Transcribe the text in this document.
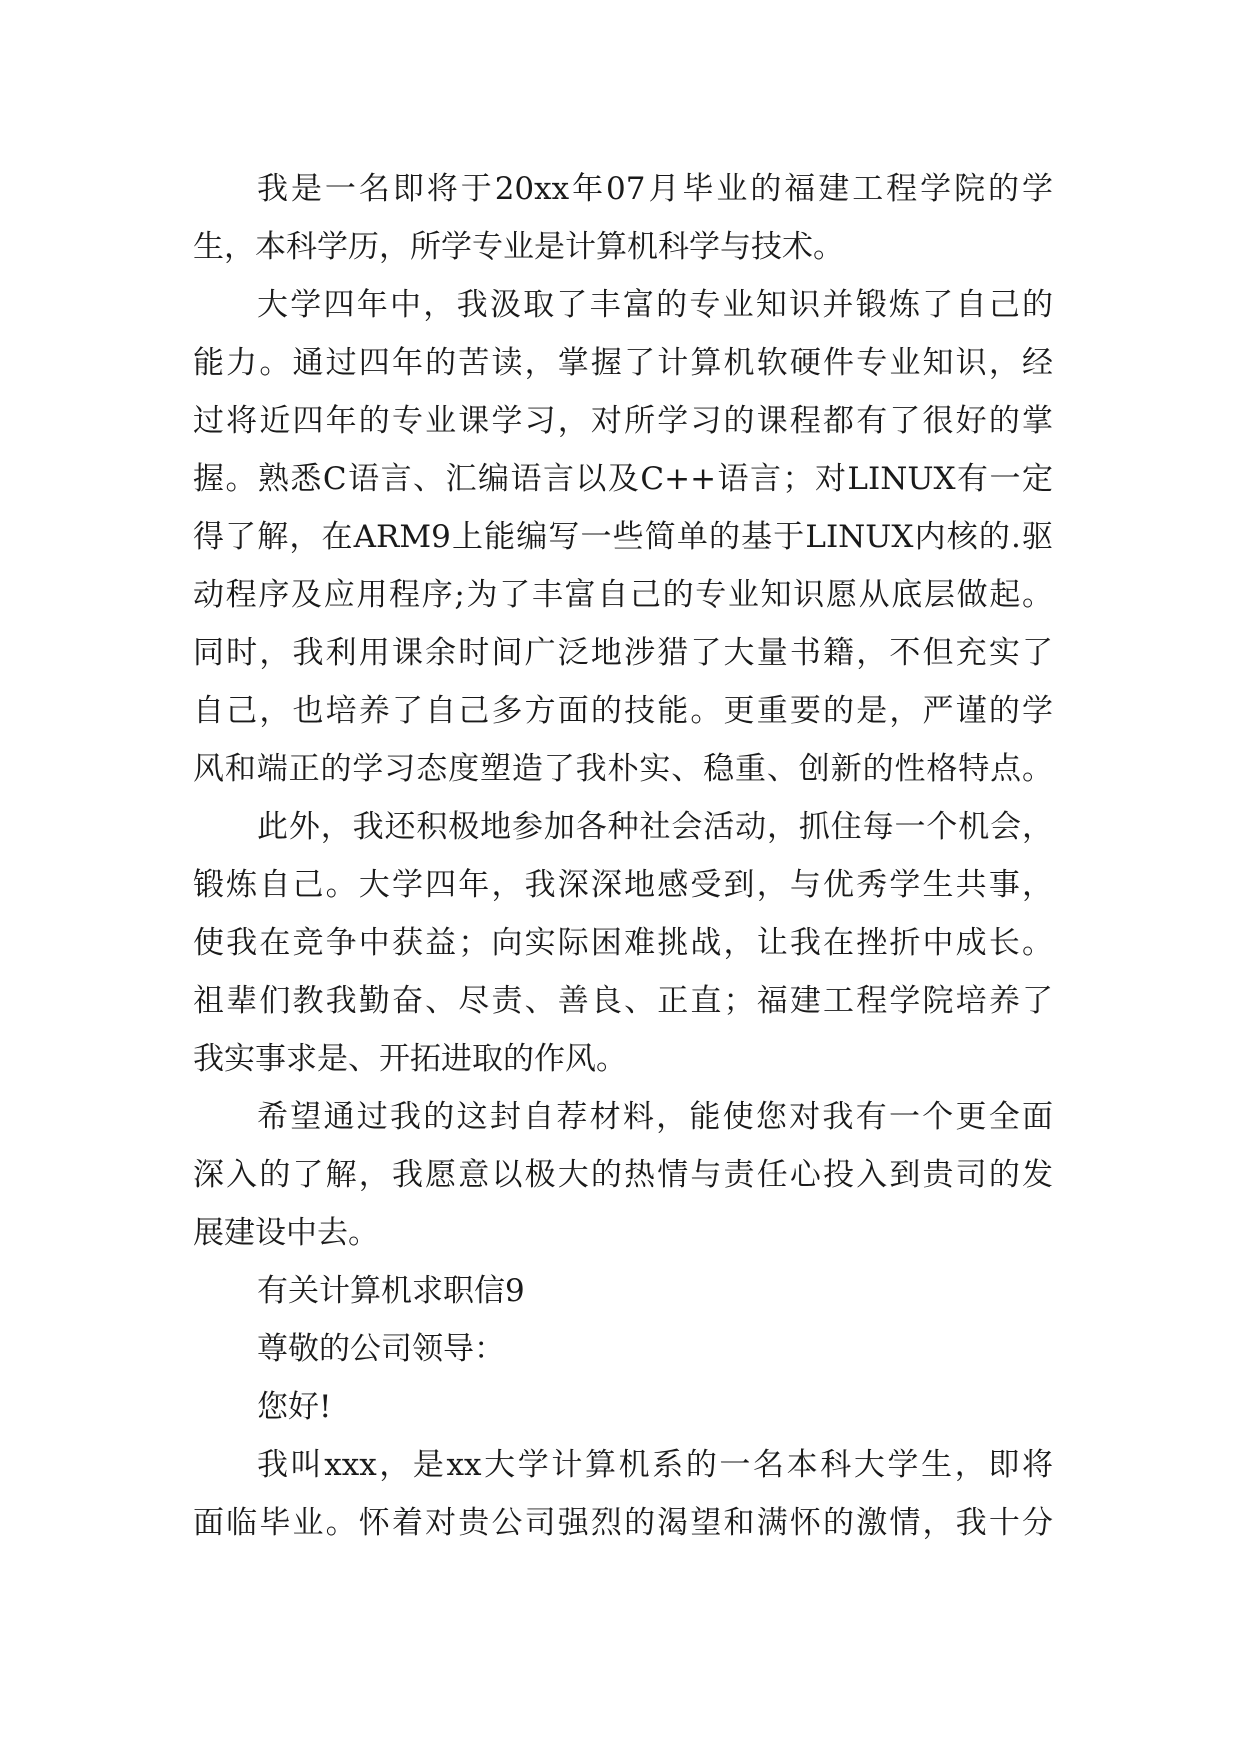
我是一名即将于20xx年07月毕业的福建工程学院的学
生，本科学历，所学专业是计算机科学与技术。
大学四年中，我汲取了丰富的专业知识并锻炼了自己的
能力。通过四年的苦读，掌握了计算机软硬件专业知识，经
过将近四年的专业课学习，对所学习的课程都有了很好的掌
握。熟悉C语言、汇编语言以及C++语言；对LINUX有一定
得了解，在ARM9上能编写一些简单的基于LINUX内核的.驱
动程序及应用程序;为了丰富自己的专业知识愿从底层做起。
同时，我利用课余时间广泛地涉猎了大量书籍，不但充实了
自己，也培养了自己多方面的技能。更重要的是，严谨的学
风和端正的学习态度塑造了我朴实、稳重、创新的性格特点。
此外，我还积极地参加各种社会活动，抓住每一个机会，
锻炼自己。大学四年，我深深地感受到，与优秀学生共事，
使我在竞争中获益；向实际困难挑战，让我在挫折中成长。
祖辈们教我勤奋、尽责、善良、正直；福建工程学院培养了
我实事求是、开拓进取的作风。
希望通过我的这封自荐材料，能使您对我有一个更全面
深入的了解，我愿意以极大的热情与责任心投入到贵司的发
展建设中去。
有关计算机求职信9
尊敬的公司领导：
您好!
我叫xxx，是xx大学计算机系的一名本科大学生，即将
面临毕业。怀着对贵公司强烈的渴望和满怀的激情，我十分
